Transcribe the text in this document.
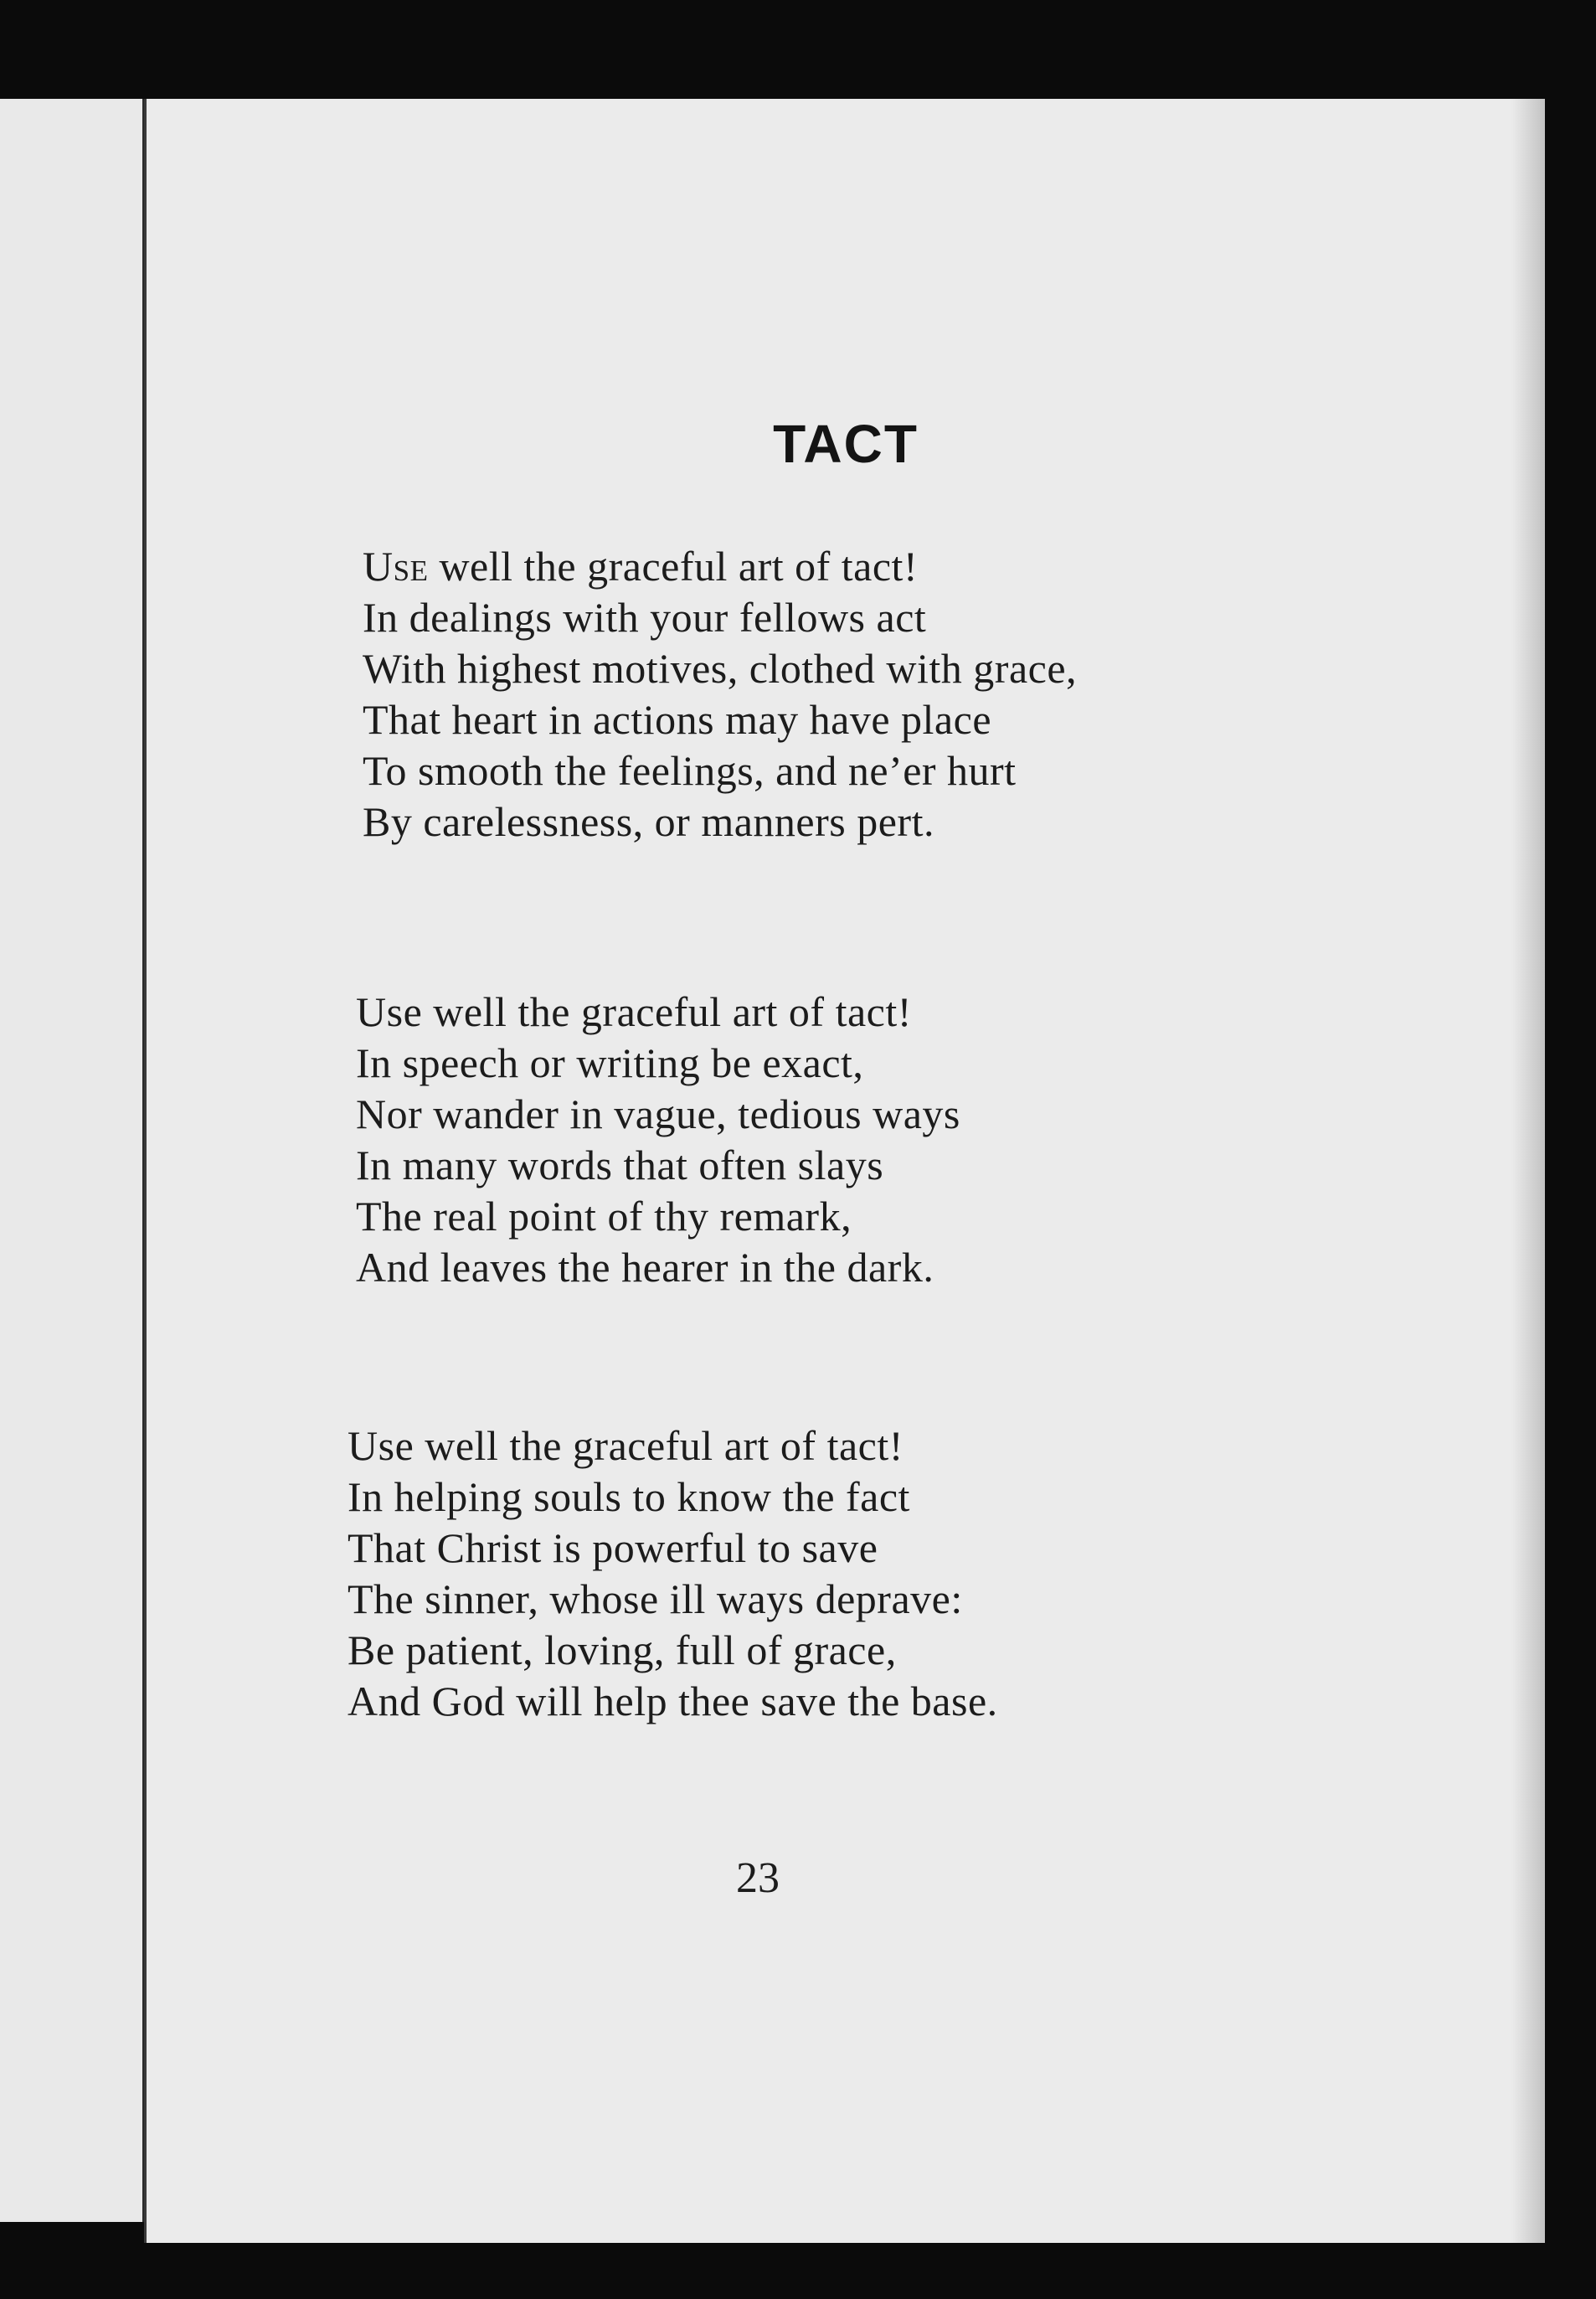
TACT
Use well the graceful art of tact!
In dealings with your fellows act
With highest motives, clothed with grace,
That heart in actions may have place
To smooth the feelings, and ne’er hurt
By carelessness, or manners pert.
Use well the graceful art of tact!
In speech or writing be exact,
Nor wander in vague, tedious ways
In many words that often slays
The real point of thy remark,
And leaves the hearer in the dark.
Use well the graceful art of tact!
In helping souls to know the fact
That Christ is powerful to save
The sinner, whose ill ways deprave:
Be patient, loving, full of grace,
And God will help thee save the base.

23
